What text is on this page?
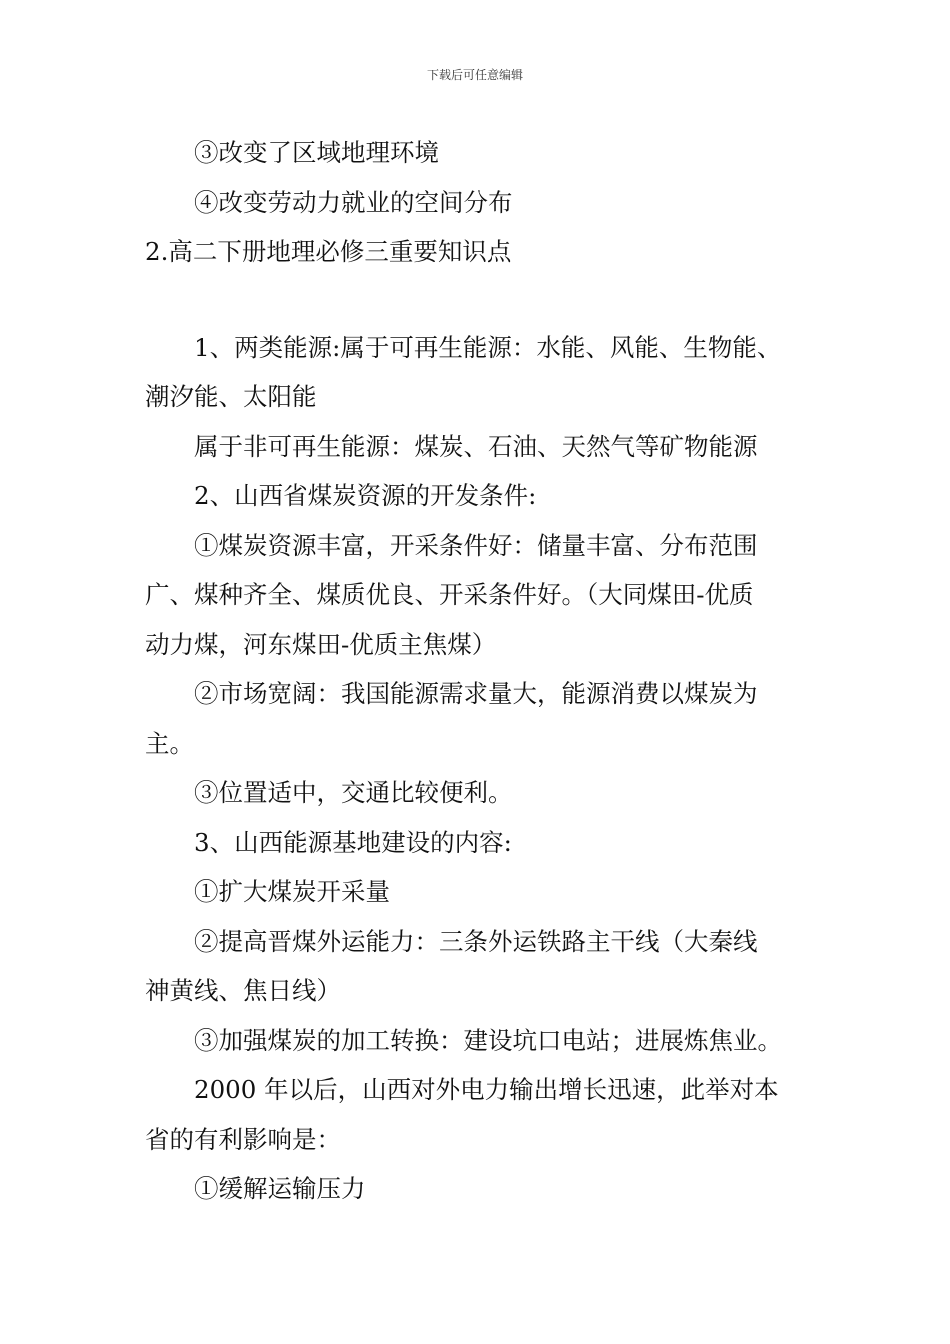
下载后可任意编辑
③改变了区域地理环境
④改变劳动力就业的空间分布
2.高二下册地理必修三重要知识点
1、两类能源:属于可再生能源：水能、风能、生物能、
潮汐能、太阳能
属于非可再生能源：煤炭、石油、天然气等矿物能源
2、山西省煤炭资源的开发条件:
①煤炭资源丰富，开采条件好：储量丰富、分布范围
广、煤种齐全、煤质优良、开采条件好。（大同煤田-优质
动力煤，河东煤田-优质主焦煤）
②市场宽阔：我国能源需求量大，能源消费以煤炭为
主。
③位置适中，交通比较便利。
3、山西能源基地建设的内容:
①扩大煤炭开采量
②提高晋煤外运能力：三条外运铁路主干线（大秦线
神黄线、焦日线）
③加强煤炭的加工转换：建设坑口电站；进展炼焦业。
2000 年以后，山西对外电力输出增长迅速，此举对本
省的有利影响是：
①缓解运输压力
